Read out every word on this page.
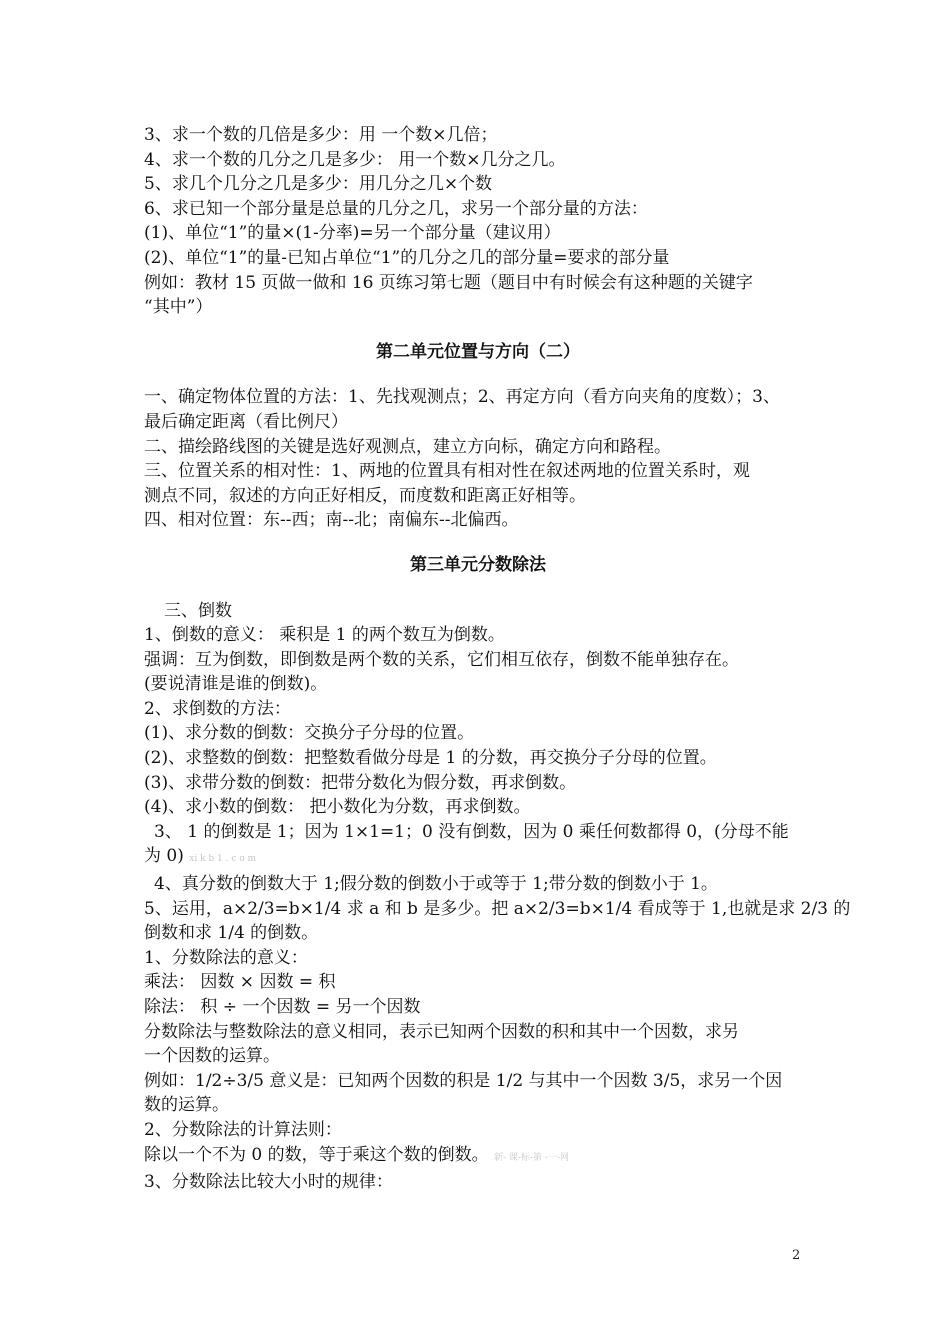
3、求一个数的几倍是多少：用 一个数×几倍；
4、求一个数的几分之几是多少： 用一个数×几分之几。
5、求几个几分之几是多少：用几分之几×个数
6、求已知一个部分量是总量的几分之几，求另一个部分量的方法：
(1)、单位“1”的量×(1-分率)=另一个部分量（建议用）
(2)、单位“1”的量-已知占单位“1”的几分之几的部分量=要求的部分量
例如：教材 15 页做一做和 16 页练习第七题（题目中有时候会有这种题的关键字
“其中”）
第二单元位置与方向（二）
一、确定物体位置的方法：1、先找观测点；2、再定方向（看方向夹角的度数）；3、
最后确定距离（看比例尺）
二、描绘路线图的关键是选好观测点，建立方向标，确定方向和路程。
三、位置关系的相对性：1、两地的位置具有相对性在叙述两地的位置关系时，观
测点不同，叙述的方向正好相反，而度数和距离正好相等。
四、相对位置：东--西；南--北；南偏东--北偏西。
第三单元分数除法
三、倒数
1、倒数的意义： 乘积是 1 的两个数互为倒数。
强调：互为倒数，即倒数是两个数的关系，它们相互依存，倒数不能单独存在。
(要说清谁是谁的倒数)。
2、求倒数的方法：
(1)、求分数的倒数：交换分子分母的位置。
(2)、求整数的倒数：把整数看做分母是 1 的分数，再交换分子分母的位置。
(3)、求带分数的倒数：把带分数化为假分数，再求倒数。
(4)、求小数的倒数： 把小数化为分数，再求倒数。
3、 1 的倒数是 1；因为 1×1=1；0 没有倒数，因为 0 乘任何数都得 0，(分母不能
为 0) xi k b 1 . c o m
4、真分数的倒数大于 1;假分数的倒数小于或等于 1;带分数的倒数小于 1。
5、运用，a×2/3=b×1/4 求 a 和 b 是多少。把 a×2/3=b×1/4 看成等于 1,也就是求 2/3 的
倒数和求 1/4 的倒数。
1、分数除法的意义：
乘法： 因数 × 因数 = 积
除法： 积 ÷ 一个因数 = 另一个因数
分数除法与整数除法的意义相同，表示已知两个因数的积和其中一个因数，求另
一个因数的运算。
例如：1/2÷3/5 意义是：已知两个因数的积是 1/2 与其中一个因数 3/5，求另一个因
数的运算。
2、分数除法的计算法则：
除以一个不为 0 的数，等于乘这个数的倒数。 新- 课-标-第 -一-网
3、分数除法比较大小时的规律：
2
